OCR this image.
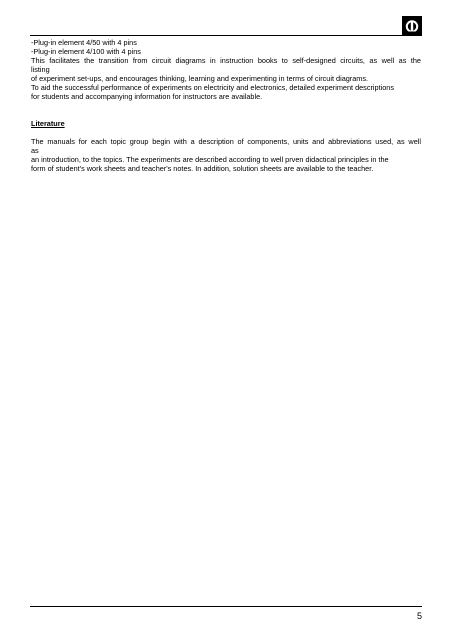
-Plug-in element 4/50 with 4 pins

-Plug-in element 4/100 with 4 pins

This facilitates the transition from circuit diagrams in instruction books to self-designed circuits, as well as the

listing

of experiment set-ups, and encourages thinking, learning and experimenting in terms of circuit diagrams.

To aid the successful performance of experiments on electricity and electronics, detailed experiment descriptions

for students and accompanying information for instructors are available.

Literature

The manuals for each topic group begin with a description of components, units and abbreviations used, as well

as

an introduction, to the topics. The experiments are described according to well prven didactical principles in the

form of student's work sheets and teacher's notes. In addition, solution sheets are available to the teacher.

5
